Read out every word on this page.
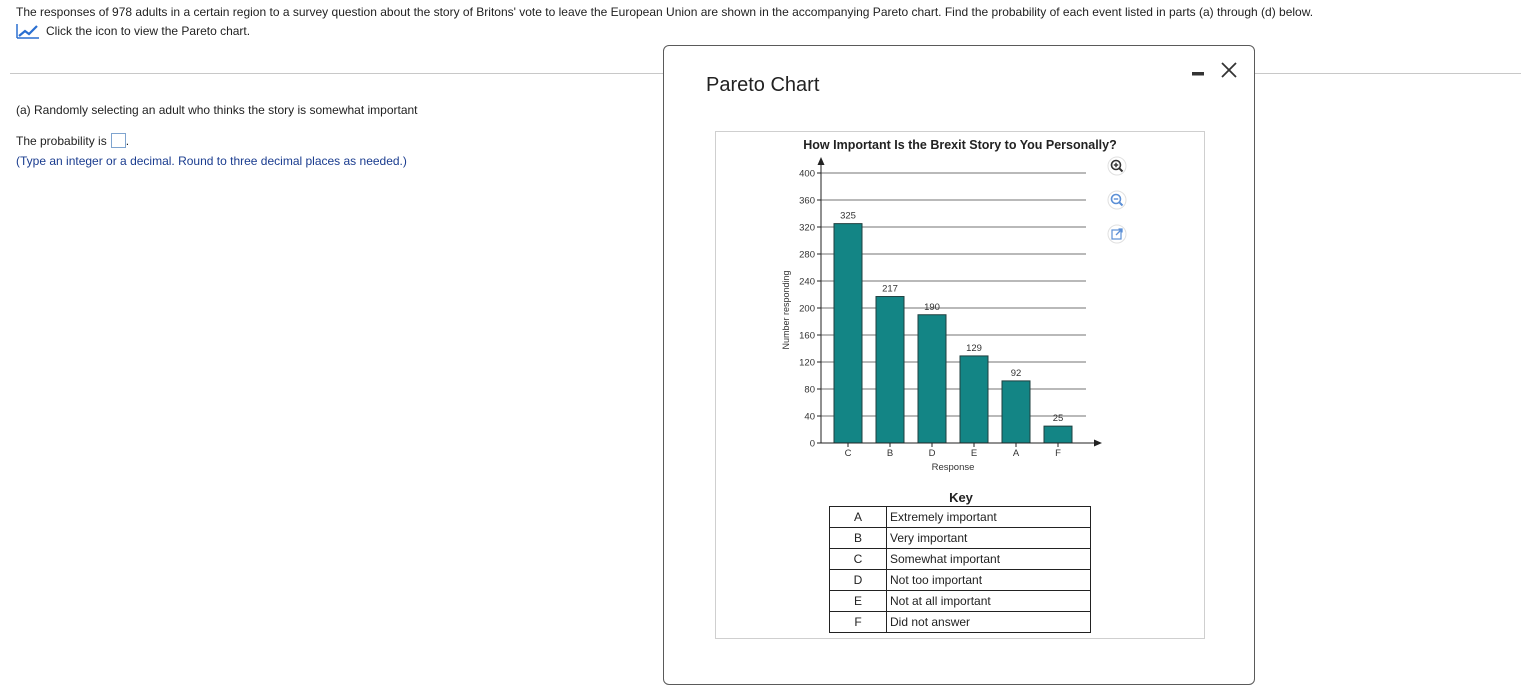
The responses of 978 adults in a certain region to a survey question about the story of Britons' vote to leave the European Union are shown in the accompanying Pareto chart. Find the probability of each event listed in parts (a) through (d) below.
Click the icon to view the Pareto chart.
(a) Randomly selecting an adult who thinks the story is somewhat important
The probability is .
(Type an integer or a decimal. Round to three decimal places as needed.)
Pareto Chart
How Important Is the Brexit Story to You Personally?
0
40
80
120
160
200
240
280
320
360
400
C	B	D	E	A	F
325
217
190
129
92
25
Number responding
Response
Key
A	Extremely important
B	Very important
C	Somewhat important
D	Not too important
E	Not at all important
F	Did not answer
